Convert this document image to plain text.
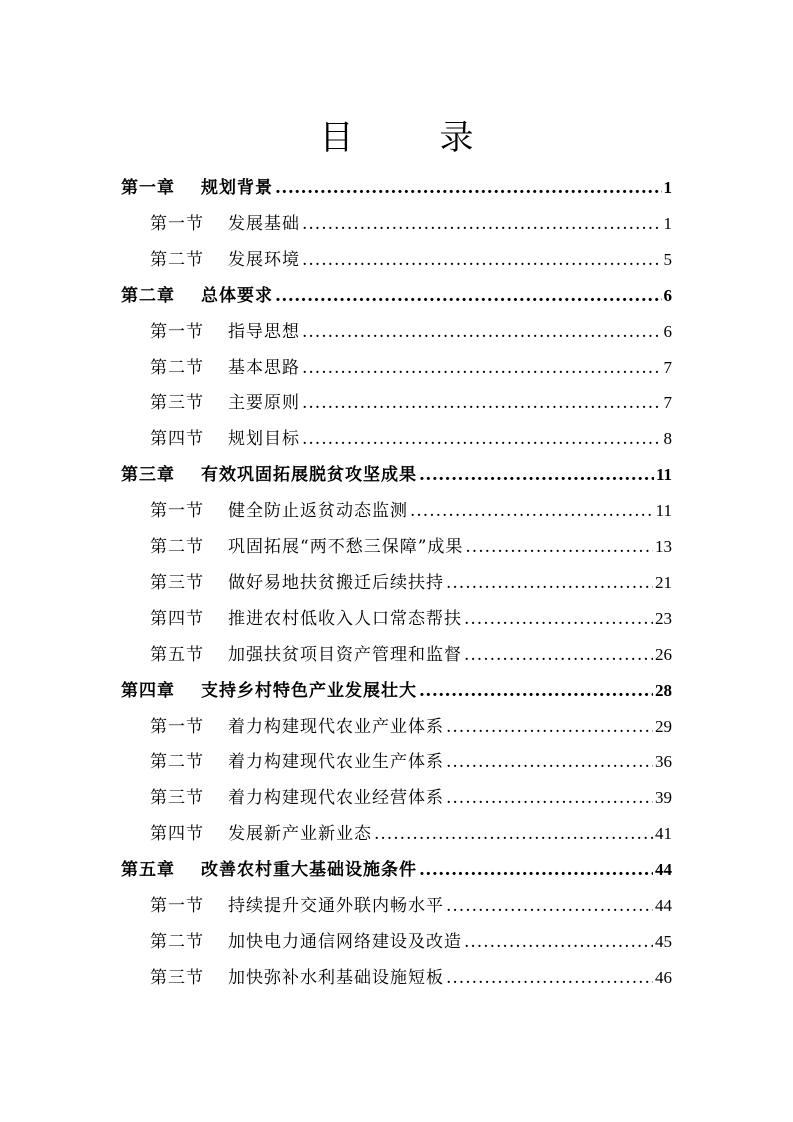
目	录
第一章 规划背景 .....	1
第一节 发展基础 .....	1
第二节 发展环境 .....	5
第二章 总体要求 .....	6
第一节 指导思想 .....	6
第二节 基本思路 .....	7
第三节 主要原则 .....	7
第四节 规划目标 .....	8
第三章 有效巩固拓展脱贫攻坚成果 .....	11
第一节 健全防止返贫动态监测 .....	11
第二节 巩固拓展“两不愁三保障”成果 .....	13
第三节 做好易地扶贫搬迁后续扶持 .....	21
第四节 推进农村低收入人口常态帮扶 .....	23
第五节 加强扶贫项目资产管理和监督 .....	26
第四章 支持乡村特色产业发展壮大 .....	28
第一节 着力构建现代农业产业体系 .....	29
第二节 着力构建现代农业生产体系 .....	36
第三节 着力构建现代农业经营体系 .....	39
第四节 发展新产业新业态 .....	41
第五章 改善农村重大基础设施条件 .....	44
第一节 持续提升交通外联内畅水平 .....	44
第二节 加快电力通信网络建设及改造 .....	45
第三节 加快弥补水利基础设施短板 .....	46
